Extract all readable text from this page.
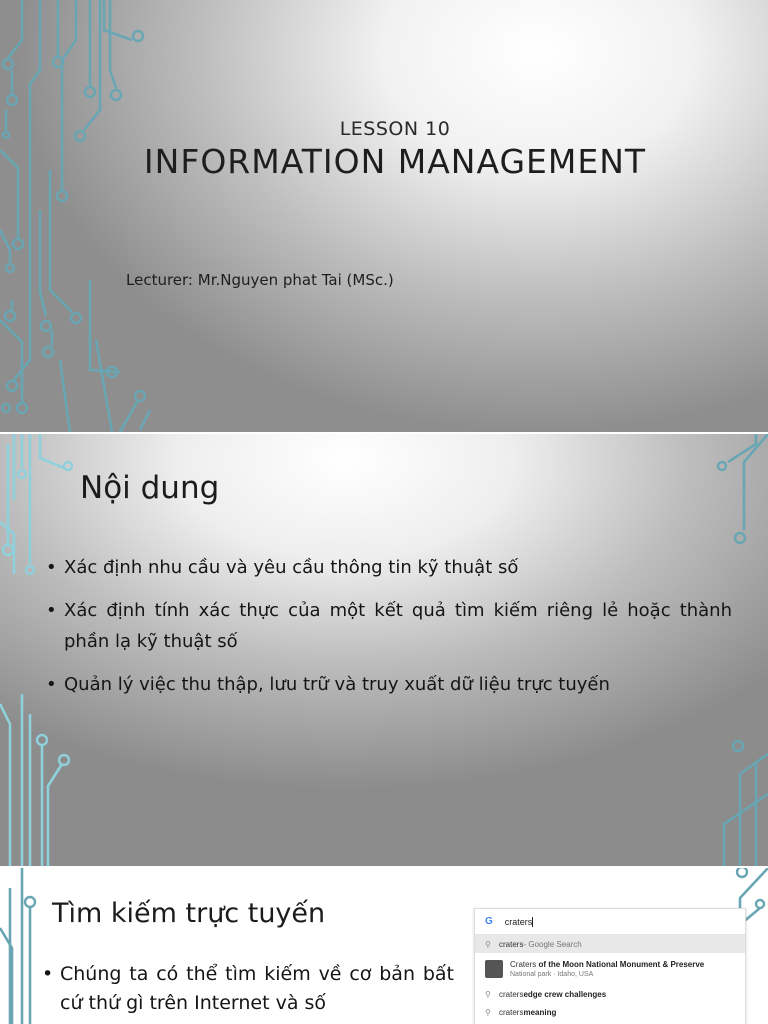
LESSON 10
INFORMATION MANAGEMENT
Lecturer: Mr.Nguyen phat Tai (MSc.)
Nội dung
• Xác định nhu cầu và yêu cầu thông tin kỹ thuật số
• Xác định tính xác thực của một kết quả tìm kiếm riêng lẻ hoặc thành phần lạ kỹ thuật số
• Quản lý việc thu thập, lưu trữ và truy xuất dữ liệu trực tuyến
Tìm kiếm trực tuyến
• Chúng ta có thể tìm kiếm về cơ bản bất cứ thứ gì trên Internet và số
G craters
⚲	craters - Google Search
Craters of the Moon National Monument & Preserve
National park · Idaho, USA
⚲	craters edge crew challenges
⚲	craters meaning
